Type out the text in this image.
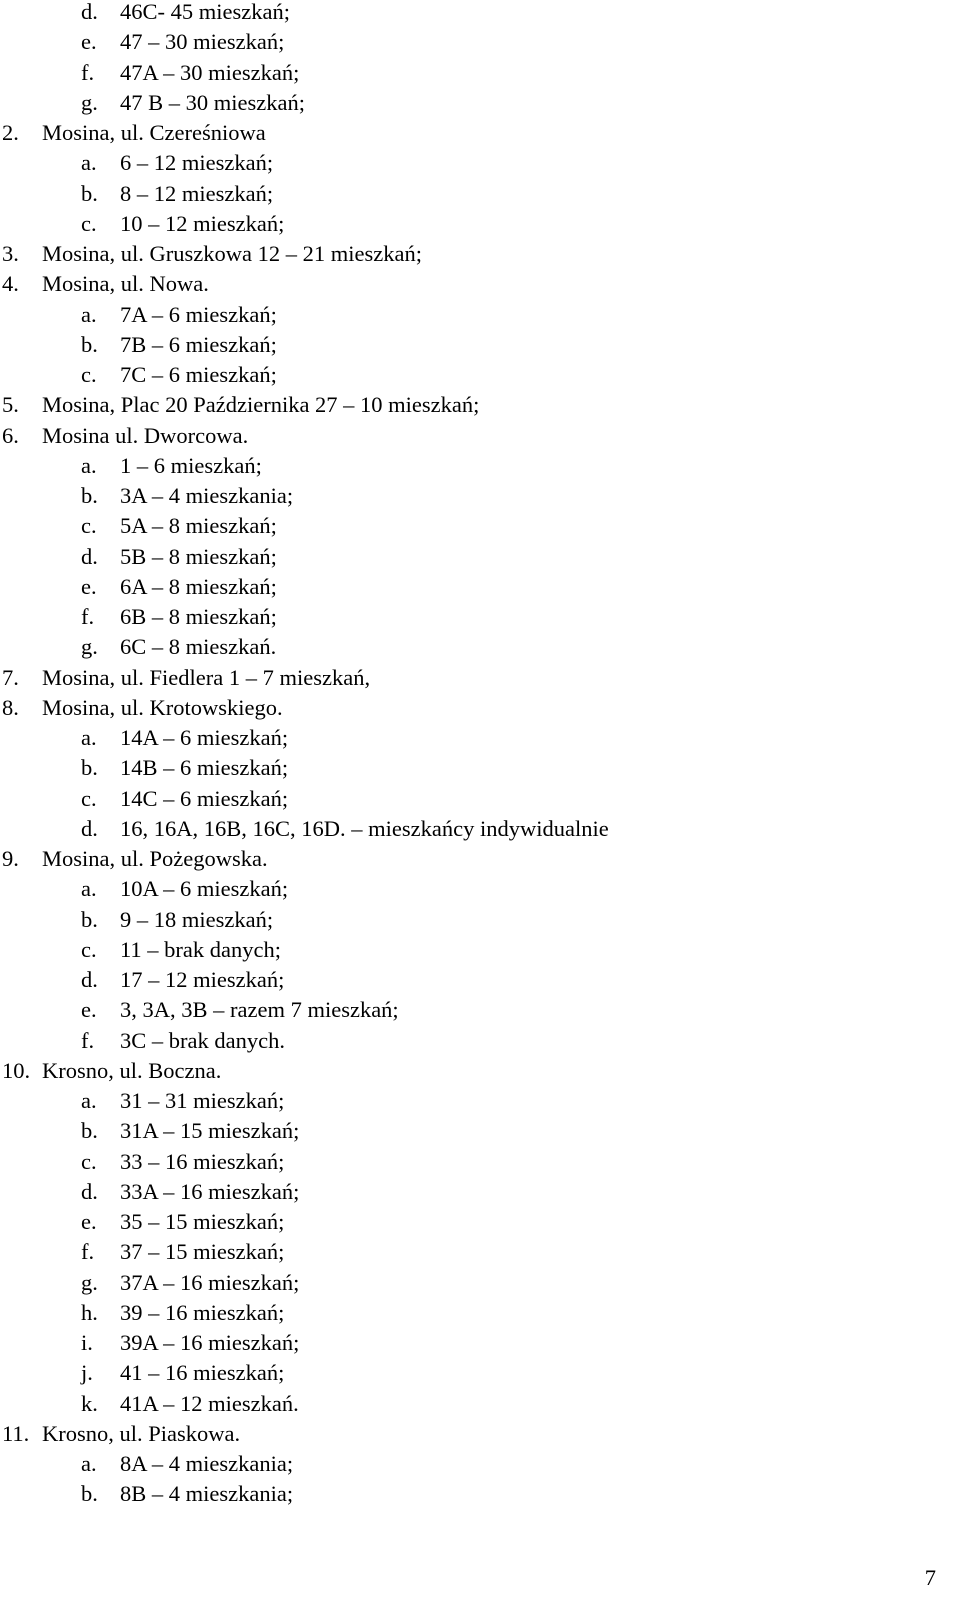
d. 46C- 45 mieszkań;
e. 47 – 30 mieszkań;
f. 47A – 30 mieszkań;
g. 47 B – 30 mieszkań;
2. Mosina, ul. Czereśniowa
a. 6 – 12 mieszkań;
b. 8 – 12 mieszkań;
c. 10 – 12 mieszkań;
3. Mosina, ul. Gruszkowa 12 – 21 mieszkań;
4. Mosina, ul. Nowa.
a. 7A – 6 mieszkań;
b. 7B – 6 mieszkań;
c. 7C – 6 mieszkań;
5. Mosina, Plac 20 Października 27 – 10 mieszkań;
6. Mosina ul. Dworcowa.
a. 1 – 6 mieszkań;
b. 3A – 4 mieszkania;
c. 5A – 8 mieszkań;
d. 5B – 8 mieszkań;
e. 6A – 8 mieszkań;
f. 6B – 8 mieszkań;
g. 6C – 8 mieszkań.
7. Mosina, ul. Fiedlera 1 – 7 mieszkań,
8. Mosina, ul. Krotowskiego.
a. 14A – 6 mieszkań;
b. 14B – 6 mieszkań;
c. 14C – 6 mieszkań;
d. 16, 16A, 16B, 16C, 16D. – mieszkańcy indywidualnie
9. Mosina, ul. Pożegowska.
a. 10A – 6 mieszkań;
b. 9 – 18 mieszkań;
c. 11 – brak danych;
d. 17 – 12 mieszkań;
e. 3, 3A, 3B – razem 7 mieszkań;
f. 3C – brak danych.
10. Krosno, ul. Boczna.
a. 31 – 31 mieszkań;
b. 31A – 15 mieszkań;
c. 33 – 16 mieszkań;
d. 33A – 16 mieszkań;
e. 35 – 15 mieszkań;
f. 37 – 15 mieszkań;
g. 37A – 16 mieszkań;
h. 39 – 16 mieszkań;
i. 39A – 16 mieszkań;
j. 41 – 16 mieszkań;
k. 41A – 12 mieszkań.
11. Krosno, ul. Piaskowa.
a. 8A – 4 mieszkania;
b. 8B – 4 mieszkania;
7
